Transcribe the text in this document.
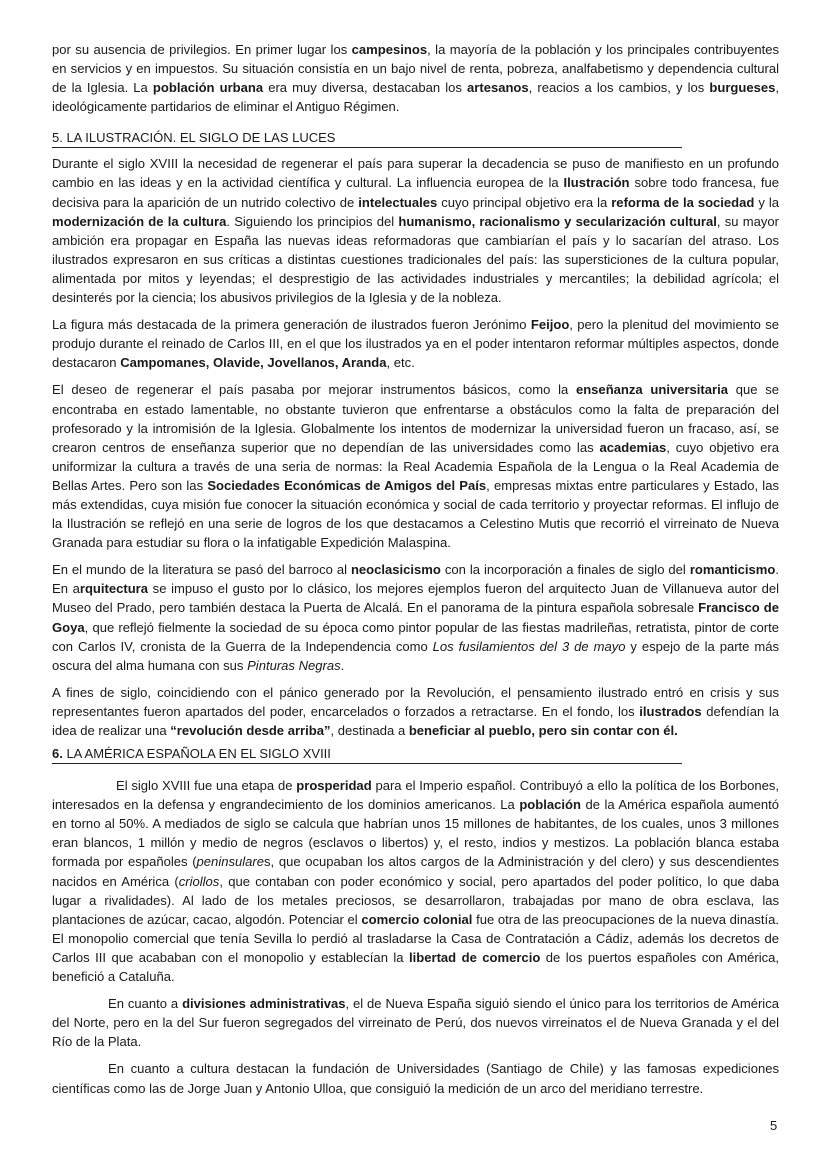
por su ausencia de privilegios. En primer lugar los campesinos, la mayoría de la población y los principales contribuyentes en servicios y en impuestos. Su situación consistía en un bajo nivel de renta, pobreza, analfabetismo y dependencia cultural de la Iglesia. La población urbana era muy diversa, destacaban los artesanos, reacios a los cambios, y los burgueses, ideológicamente partidarios de eliminar el Antiguo Régimen.

5. LA ILUSTRACIÓN. EL SIGLO DE LAS LUCES

Durante el siglo XVIII la necesidad de regenerar el país para superar la decadencia se puso de manifiesto en un profundo cambio en las ideas y en la actividad científica y cultural. La influencia europea de la Ilustración sobre todo francesa, fue decisiva para la aparición de un nutrido colectivo de intelectuales cuyo principal objetivo era la reforma de la sociedad y la modernización de la cultura. Siguiendo los principios del humanismo, racionalismo y secularización cultural, su mayor ambición era propagar en España las nuevas ideas reformadoras que cambiarían el país y lo sacarían del atraso. Los ilustrados expresaron en sus críticas a distintas cuestiones tradicionales del país: las supersticiones de la cultura popular, alimentada por mitos y leyendas; el desprestigio de las actividades industriales y mercantiles; la debilidad agrícola; el desinterés por la ciencia; los abusivos privilegios de la Iglesia y de la nobleza.

La figura más destacada de la primera generación de ilustrados fueron Jerónimo Feijoo, pero la plenitud del movimiento se produjo durante el reinado de Carlos III, en el que los ilustrados ya en el poder intentaron reformar múltiples aspectos, donde destacaron Campomanes, Olavide, Jovellanos, Aranda, etc.

El deseo de regenerar el país pasaba por mejorar instrumentos básicos, como la enseñanza universitaria que se encontraba en estado lamentable, no obstante tuvieron que enfrentarse a obstáculos como la falta de preparación del profesorado y la intromisión de la Iglesia. Globalmente los intentos de modernizar la universidad fueron un fracaso, así, se crearon centros de enseñanza superior que no dependían de las universidades como las academias, cuyo objetivo era uniformizar la cultura a través de una seria de normas: la Real Academia Española de la Lengua o la Real Academia de Bellas Artes. Pero son las Sociedades Económicas de Amigos del País, empresas mixtas entre particulares y Estado, las más extendidas, cuya misión fue conocer la situación económica y social de cada territorio y proyectar reformas. El influjo de la Ilustración se reflejó en una serie de logros de los que destacamos a Celestino Mutis que recorrió el virreinato de Nueva Granada para estudiar su flora o la infatigable Expedición Malaspina.

En el mundo de la literatura se pasó del barroco al neoclasicismo con la incorporación a finales de siglo del romanticismo. En arquitectura se impuso el gusto por lo clásico, los mejores ejemplos fueron del arquitecto Juan de Villanueva autor del Museo del Prado, pero también destaca la Puerta de Alcalá. En el panorama de la pintura española sobresale Francisco de Goya, que reflejó fielmente la sociedad de su época como pintor popular de las fiestas madrileñas, retratista, pintor de corte con Carlos IV, cronista de la Guerra de la Independencia como Los fusilamientos del 3 de mayo y espejo de la parte más oscura del alma humana con sus Pinturas Negras.

A fines de siglo, coincidiendo con el pánico generado por la Revolución, el pensamiento ilustrado entró en crisis y sus representantes fueron apartados del poder, encarcelados o forzados a retractarse. En el fondo, los ilustrados defendían la idea de realizar una “revolución desde arriba”, destinada a beneficiar al pueblo, pero sin contar con él.

6. LA AMÉRICA ESPAÑOLA EN EL SIGLO XVIII

El siglo XVIII fue una etapa de prosperidad para el Imperio español. Contribuyó a ello la política de los Borbones, interesados en la defensa y engrandecimiento de los dominios americanos. La población de la América española aumentó en torno al 50%. A mediados de siglo se calcula que habrían unos 15 millones de habitantes, de los cuales, unos 3 millones eran blancos, 1 millón y medio de negros (esclavos o libertos) y, el resto, indios y mestizos. La población blanca estaba formada por españoles (peninsulares, que ocupaban los altos cargos de la Administración y del clero) y sus descendientes nacidos en América (criollos, que contaban con poder económico y social, pero apartados del poder político, lo que daba lugar a rivalidades). Al lado de los metales preciosos, se desarrollaron, trabajadas por mano de obra esclava, las plantaciones de azúcar, cacao, algodón. Potenciar el comercio colonial fue otra de las preocupaciones de la nueva dinastía. El monopolio comercial que tenía Sevilla lo perdió al trasladarse la Casa de Contratación a Cádiz, además los decretos de Carlos III que acababan con el monopolio y establecían la libertad de comercio de los puertos españoles con América, benefició a Cataluña.

En cuanto a divisiones administrativas, el de Nueva España siguió siendo el único para los territorios de América del Norte, pero en la del Sur fueron segregados del virreinato de Perú, dos nuevos virreinatos el de Nueva Granada y el del Río de la Plata.

En cuanto a cultura destacan la fundación de Universidades (Santiago de Chile) y las famosas expediciones científicas como las de Jorge Juan y Antonio Ulloa, que consiguió la medición de un arco del meridiano terrestre.

5
